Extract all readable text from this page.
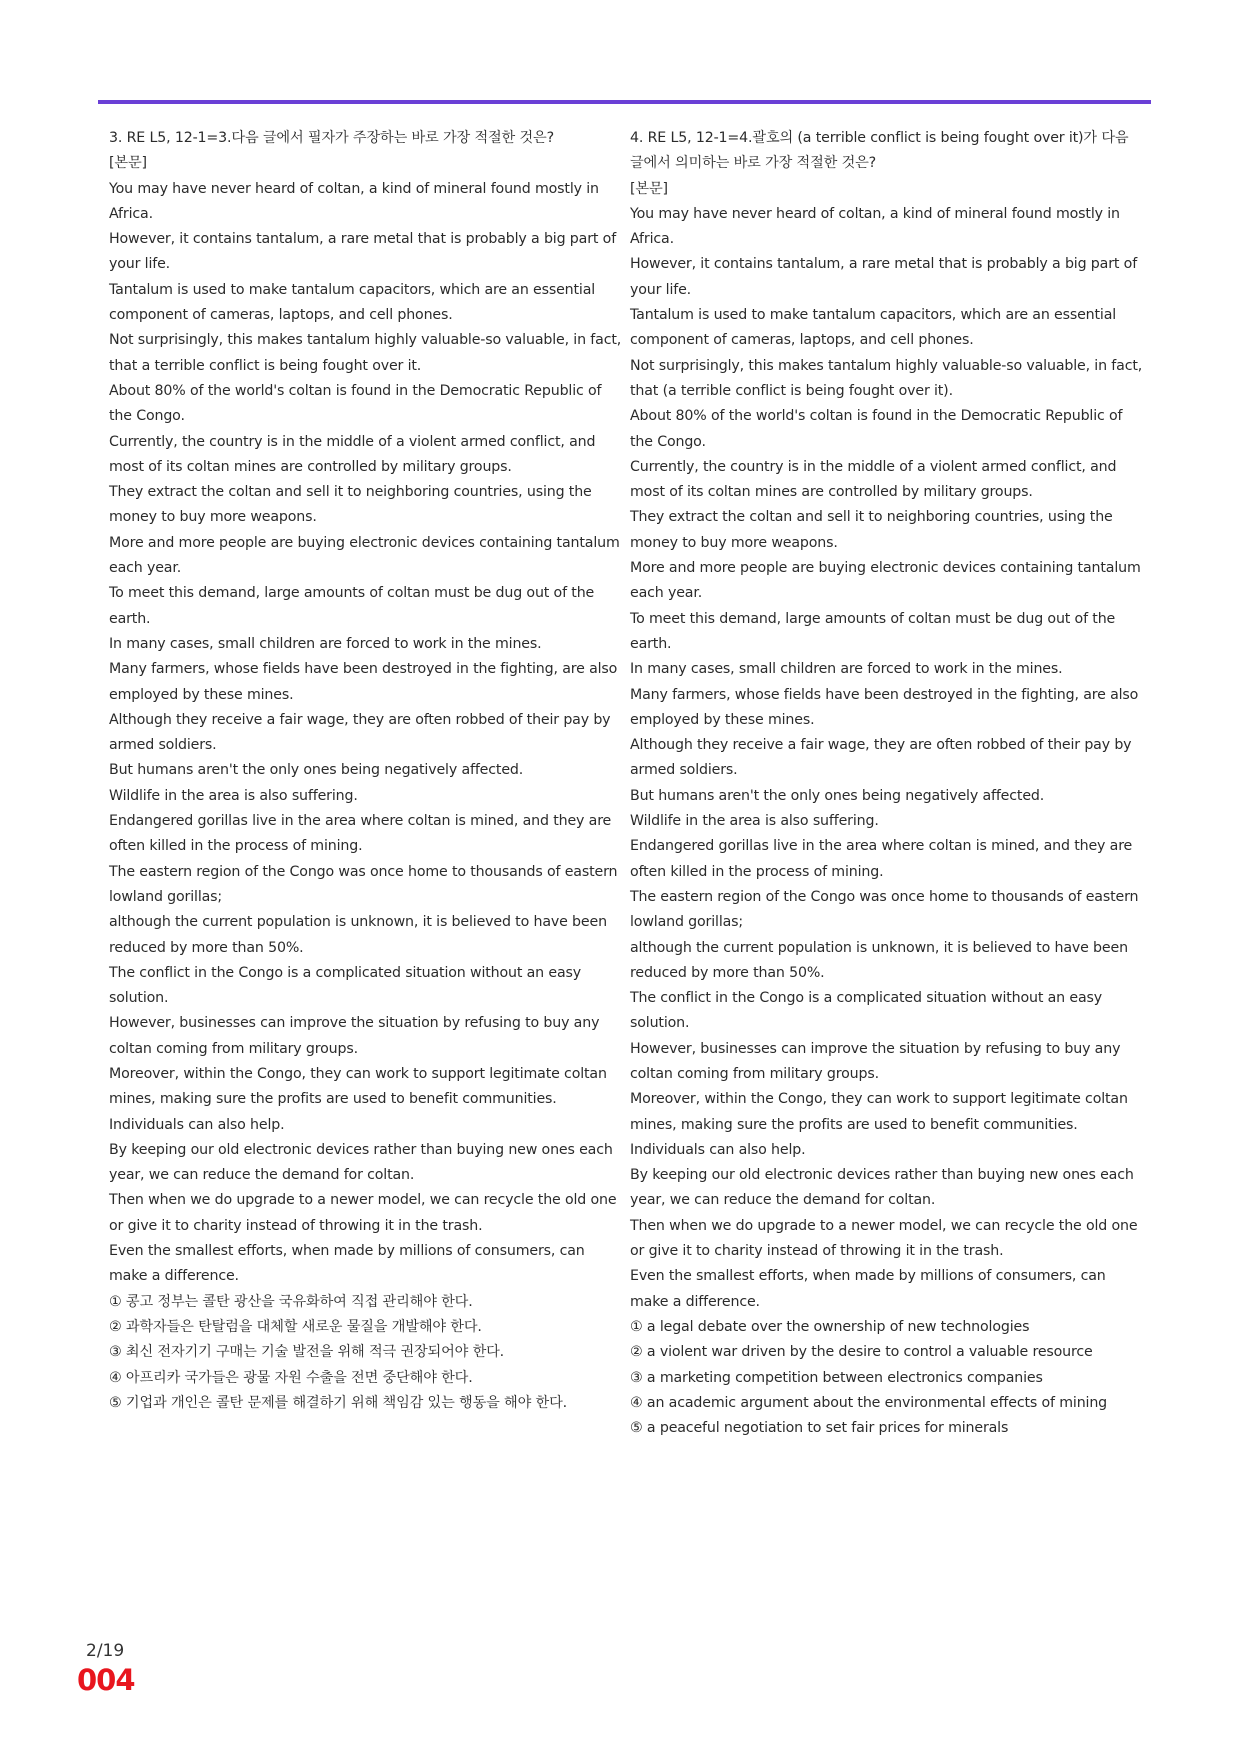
3. RE L5, 12-1=3.다음 글에서 필자가 주장하는 바로 가장 적절한 것은?
[본문]
You may have never heard of coltan, a kind of mineral found mostly in Africa.
However, it contains tantalum, a rare metal that is probably a big part of your life.
Tantalum is used to make tantalum capacitors, which are an essential component of cameras, laptops, and cell phones.
Not surprisingly, this makes tantalum highly valuable-so valuable, in fact, that a terrible conflict is being fought over it.
About 80% of the world's coltan is found in the Democratic Republic of the Congo.
Currently, the country is in the middle of a violent armed conflict, and most of its coltan mines are controlled by military groups.
They extract the coltan and sell it to neighboring countries, using the money to buy more weapons.
More and more people are buying electronic devices containing tantalum each year.
To meet this demand, large amounts of coltan must be dug out of the earth.
In many cases, small children are forced to work in the mines.
Many farmers, whose fields have been destroyed in the fighting, are also employed by these mines.
Although they receive a fair wage, they are often robbed of their pay by armed soldiers.
But humans aren't the only ones being negatively affected.
Wildlife in the area is also suffering.
Endangered gorillas live in the area where coltan is mined, and they are often killed in the process of mining.
The eastern region of the Congo was once home to thousands of eastern lowland gorillas;
although the current population is unknown, it is believed to have been reduced by more than 50%.
The conflict in the Congo is a complicated situation without an easy solution.
However, businesses can improve the situation by refusing to buy any coltan coming from military groups.
Moreover, within the Congo, they can work to support legitimate coltan mines, making sure the profits are used to benefit communities.
Individuals can also help.
By keeping our old electronic devices rather than buying new ones each year, we can reduce the demand for coltan.
Then when we do upgrade to a newer model, we can recycle the old one or give it to charity instead of throwing it in the trash.
Even the smallest efforts, when made by millions of consumers, can make a difference.
① 콩고 정부는 콜탄 광산을 국유화하여 직접 관리해야 한다.
② 과학자들은 탄탈럼을 대체할 새로운 물질을 개발해야 한다.
③ 최신 전자기기 구매는 기술 발전을 위해 적극 권장되어야 한다.
④ 아프리카 국가들은 광물 자원 수출을 전면 중단해야 한다.
⑤ 기업과 개인은 콜탄 문제를 해결하기 위해 책임감 있는 행동을 해야 한다.
4. RE L5, 12-1=4.괄호의 (a terrible conflict is being fought over it)가 다음 글에서 의미하는 바로 가장 적절한 것은?
[본문]
You may have never heard of coltan, a kind of mineral found mostly in Africa.
However, it contains tantalum, a rare metal that is probably a big part of your life.
Tantalum is used to make tantalum capacitors, which are an essential component of cameras, laptops, and cell phones.
Not surprisingly, this makes tantalum highly valuable-so valuable, in fact, that (a terrible conflict is being fought over it).
About 80% of the world's coltan is found in the Democratic Republic of the Congo.
Currently, the country is in the middle of a violent armed conflict, and most of its coltan mines are controlled by military groups.
They extract the coltan and sell it to neighboring countries, using the money to buy more weapons.
More and more people are buying electronic devices containing tantalum each year.
To meet this demand, large amounts of coltan must be dug out of the earth.
In many cases, small children are forced to work in the mines.
Many farmers, whose fields have been destroyed in the fighting, are also employed by these mines.
Although they receive a fair wage, they are often robbed of their pay by armed soldiers.
But humans aren't the only ones being negatively affected.
Wildlife in the area is also suffering.
Endangered gorillas live in the area where coltan is mined, and they are often killed in the process of mining.
The eastern region of the Congo was once home to thousands of eastern lowland gorillas;
although the current population is unknown, it is believed to have been reduced by more than 50%.
The conflict in the Congo is a complicated situation without an easy solution.
However, businesses can improve the situation by refusing to buy any coltan coming from military groups.
Moreover, within the Congo, they can work to support legitimate coltan mines, making sure the profits are used to benefit communities.
Individuals can also help.
By keeping our old electronic devices rather than buying new ones each year, we can reduce the demand for coltan.
Then when we do upgrade to a newer model, we can recycle the old one or give it to charity instead of throwing it in the trash.
Even the smallest efforts, when made by millions of consumers, can make a difference.
① a legal debate over the ownership of new technologies
② a violent war driven by the desire to control a valuable resource
③ a marketing competition between electronics companies
④ an academic argument about the environmental effects of mining
⑤ a peaceful negotiation to set fair prices for minerals
2/19
004
